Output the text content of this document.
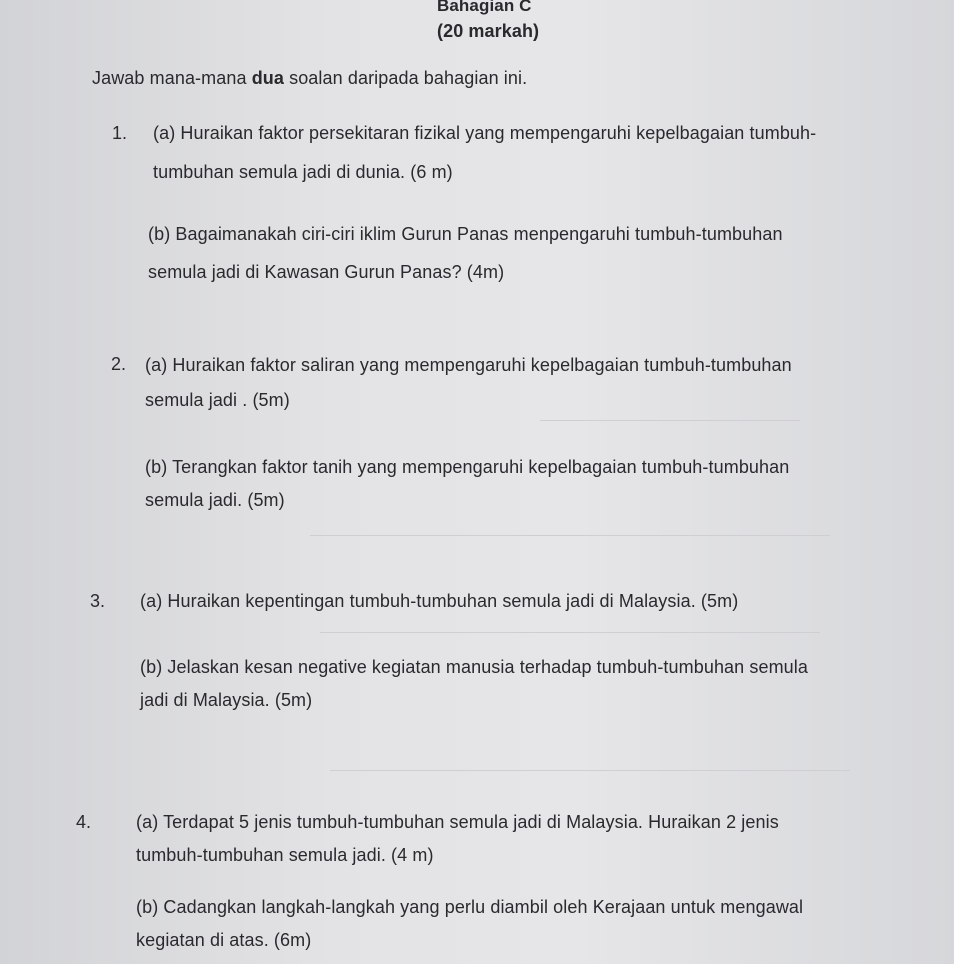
Bahagian C
(20 markah)
Jawab mana-mana dua soalan daripada bahagian ini.
1. (a) Huraikan faktor persekitaran fizikal yang mempengaruhi kepelbagaian tumbuh-
tumbuhan semula jadi di dunia. (6 m)
(b) Bagaimanakah ciri-ciri iklim Gurun Panas menpengaruhi tumbuh-tumbuhan
semula jadi di Kawasan Gurun Panas? (4m)
2. (a) Huraikan faktor saliran yang mempengaruhi kepelbagaian tumbuh-tumbuhan
semula jadi . (5m)
(b) Terangkan faktor tanih yang mempengaruhi kepelbagaian tumbuh-tumbuhan
semula jadi. (5m)
3. (a) Huraikan kepentingan tumbuh-tumbuhan semula jadi di Malaysia. (5m)
(b) Jelaskan kesan negative kegiatan manusia terhadap tumbuh-tumbuhan semula
jadi di Malaysia. (5m)
4. (a) Terdapat 5 jenis tumbuh-tumbuhan semula jadi di Malaysia. Huraikan 2 jenis
tumbuh-tumbuhan semula jadi. (4 m)
(b) Cadangkan langkah-langkah yang perlu diambil oleh Kerajaan untuk mengawal
kegiatan di atas. (6m)
